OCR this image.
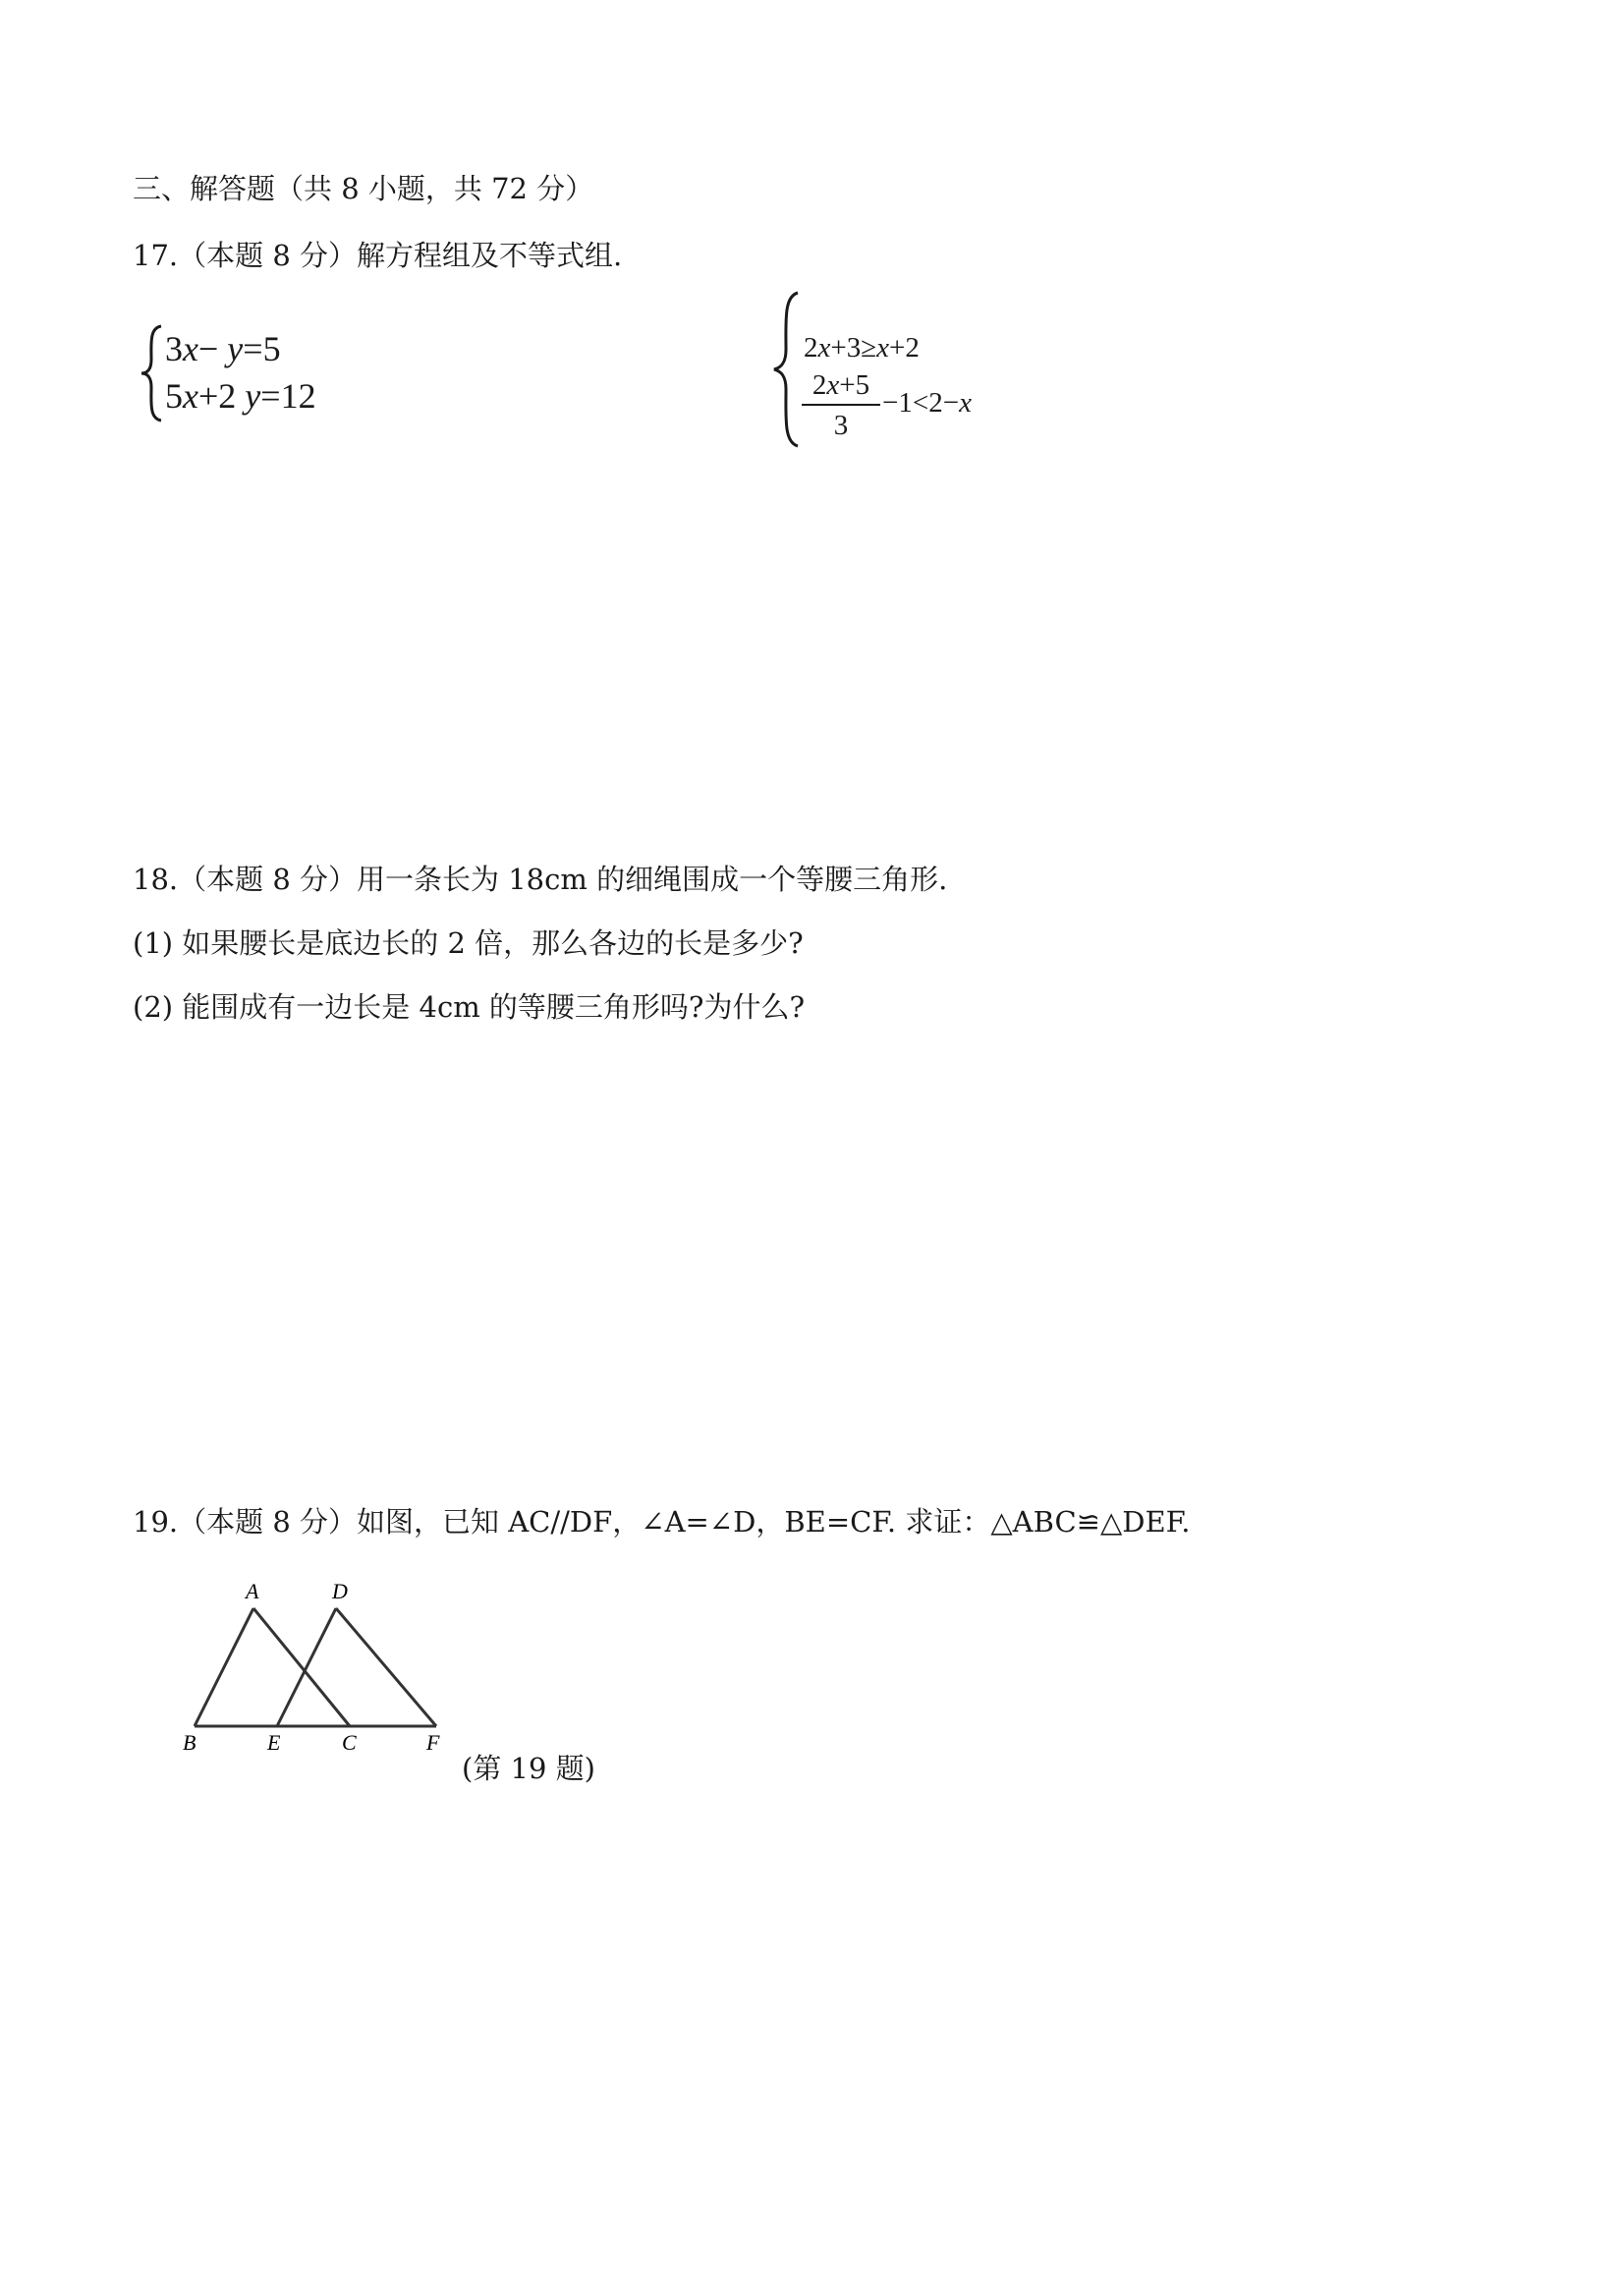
三、解答题（共 8 小题，共 72 分）
17.（本题 8 分）解方程组及不等式组.
3x− y=5
5x+2 y=12
2x+3≥x+2
2x+5
3
−1<2−x
18.（本题 8 分）用一条长为 18cm 的细绳围成一个等腰三角形.
(1) 如果腰长是底边长的 2 倍，那么各边的长是多少?
(2) 能围成有一边长是 4cm 的等腰三角形吗?为什么?
19.（本题 8 分）如图，已知 AC//DF，∠A=∠D，BE=CF. 求证：△ABC≌△DEF.
A	D
B	E	C	F
(第 19 题)
